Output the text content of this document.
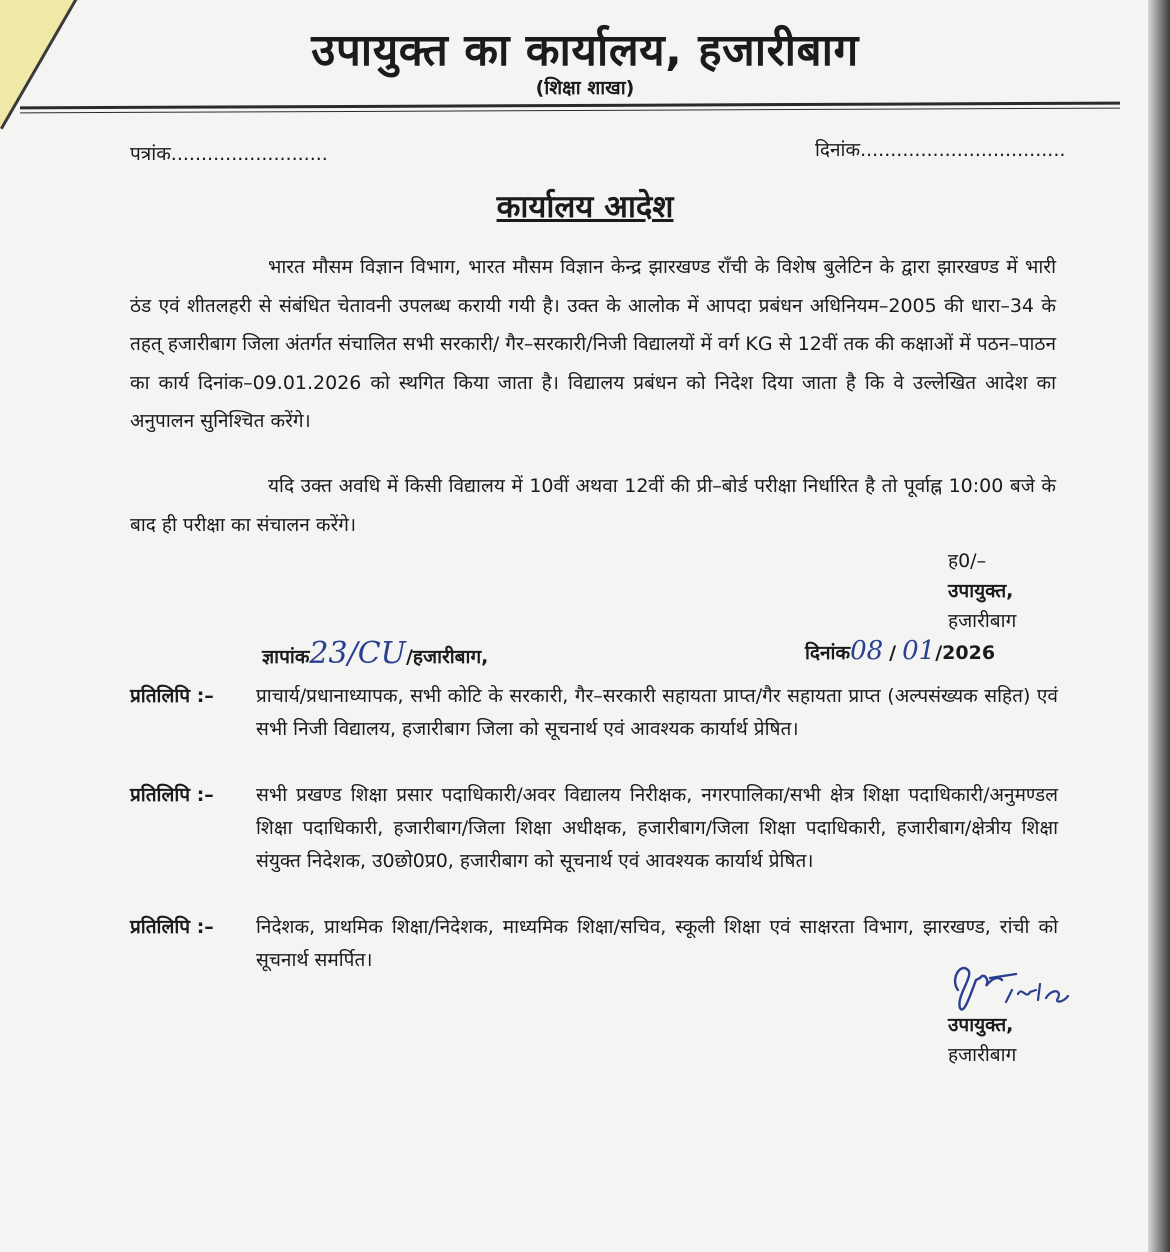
उपायुक्त का कार्यालय, हजारीबाग
(शिक्षा शाखा)
पत्रांक..........................	दिनांक..................................
कार्यालय आदेश

भारत मौसम विज्ञान विभाग, भारत मौसम विज्ञान केन्द्र झारखण्ड राँची के विशेष बुलेटिन के द्वारा झारखण्ड में भारी ठंड एवं शीतलहरी से संबंधित चेतावनी उपलब्ध करायी गयी है। उक्त के आलोक में आपदा प्रबंधन अधिनियम–2005 की धारा–34 के तहत् हजारीबाग जिला अंतर्गत संचालित सभी सरकारी/ गैर–सरकारी/निजी विद्यालयों में वर्ग KG से 12वीं तक की कक्षाओं में पठन–पाठन का कार्य दिनांक–09.01.2026 को स्थगित किया जाता है। विद्यालय प्रबंधन को निदेश दिया जाता है कि वे उल्लेखित आदेश का अनुपालन सुनिश्चित करेंगे।

यदि उक्त अवधि में किसी विद्यालय में 10वीं अथवा 12वीं की प्री–बोर्ड परीक्षा निर्धारित है तो पूर्वाह्न 10:00 बजे के बाद ही परीक्षा का संचालन करेंगे।

ह0/–
उपायुक्त,
हजारीबाग
ज्ञापांक23/CU/हजारीबाग,	दिनांक08 / 01/2026
प्रतिलिपि :– प्राचार्य/प्रधानाध्यापक, सभी कोटि के सरकारी, गैर–सरकारी सहायता प्राप्त/गैर सहायता प्राप्त (अल्पसंख्यक सहित) एवं सभी निजी विद्यालय, हजारीबाग जिला को सूचनार्थ एवं आवश्यक कार्यार्थ प्रेषित।
प्रतिलिपि :– सभी प्रखण्ड शिक्षा प्रसार पदाधिकारी/अवर विद्यालय निरीक्षक, नगरपालिका/सभी क्षेत्र शिक्षा पदाधिकारी/अनुमण्डल शिक्षा पदाधिकारी, हजारीबाग/जिला शिक्षा अधीक्षक, हजारीबाग/जिला शिक्षा पदाधिकारी, हजारीबाग/क्षेत्रीय शिक्षा संयुक्त निदेशक, उ0छो0प्र0, हजारीबाग को सूचनार्थ एवं आवश्यक कार्यार्थ प्रेषित।
प्रतिलिपि :– निदेशक, प्राथमिक शिक्षा/निदेशक, माध्यमिक शिक्षा/सचिव, स्कूली शिक्षा एवं साक्षरता विभाग, झारखण्ड, रांची को सूचनार्थ समर्पित।
उपायुक्त,
हजारीबाग
